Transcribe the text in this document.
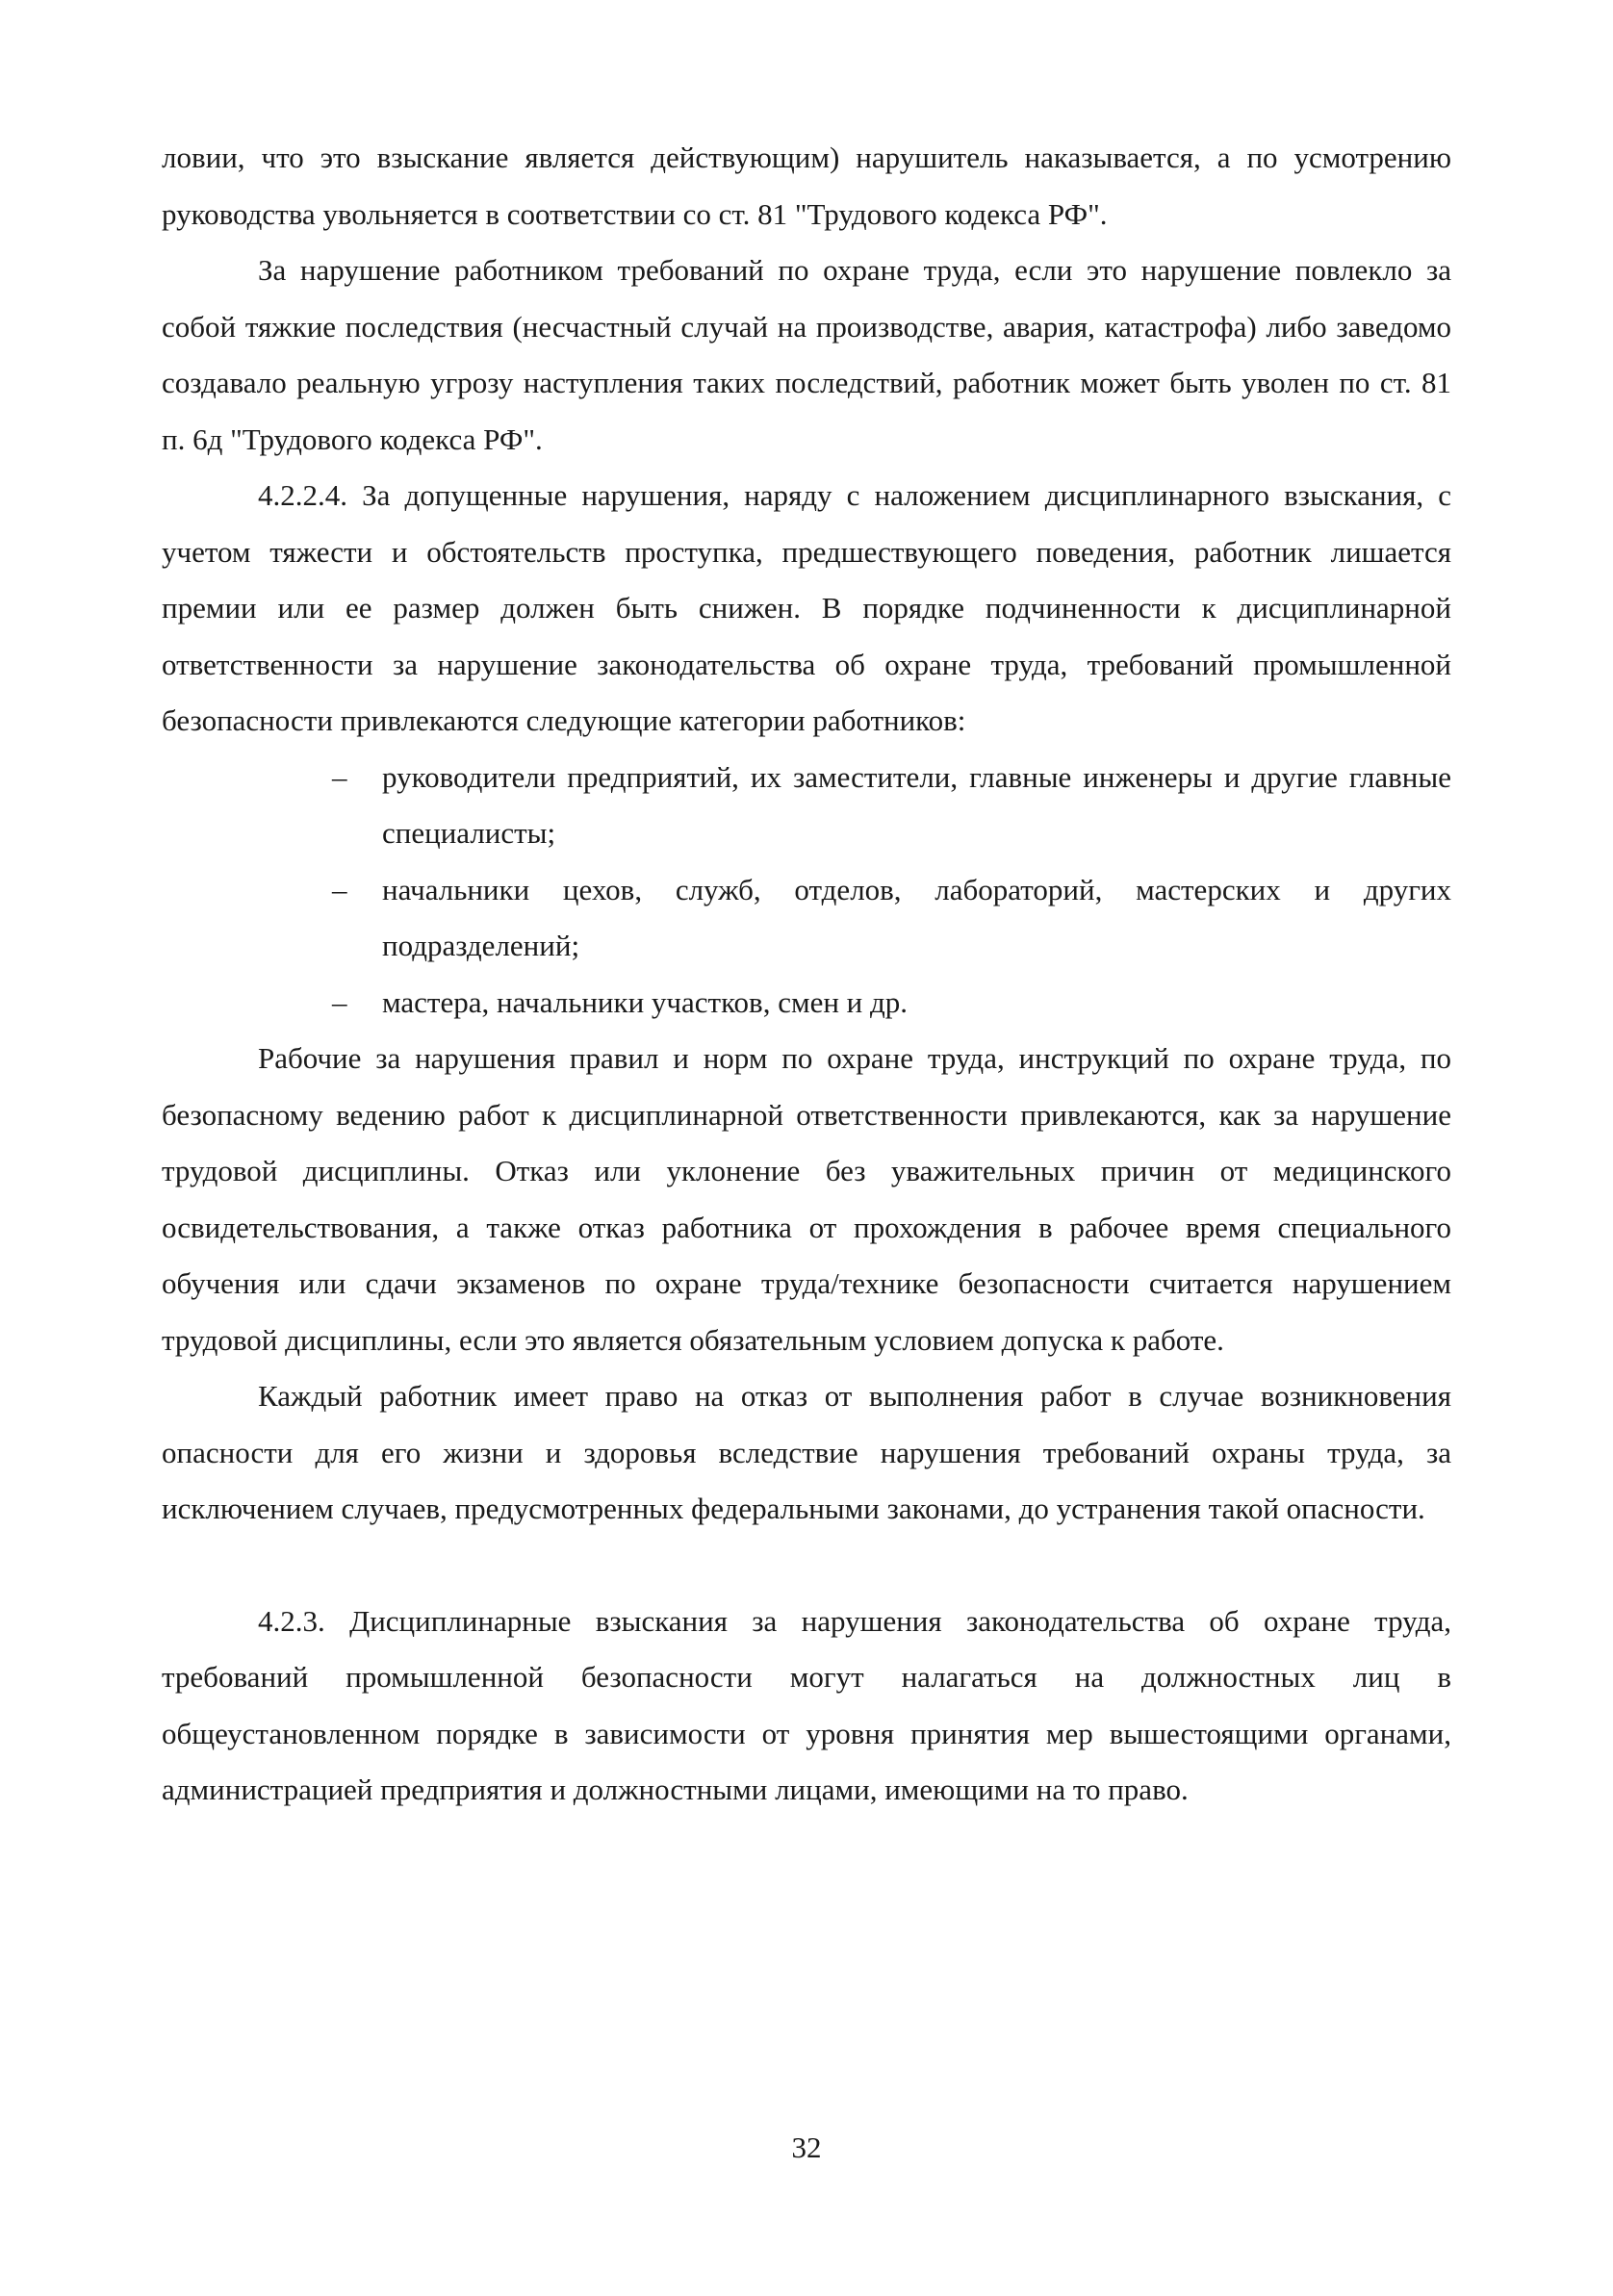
ловии, что это взыскание является действующим) нарушитель наказывается, а по усмотрению руководства увольняется в соответствии со ст. 81 "Трудового кодекса РФ".

За нарушение работником требований по охране труда, если это нарушение повлекло за собой тяжкие последствия (несчастный случай на производстве, авария, катастрофа) либо заведомо создавало реальную угрозу наступления таких последствий, работник может быть уволен по ст. 81 п. 6д "Трудового кодекса РФ".

4.2.2.4. За допущенные нарушения, наряду с наложением дисциплинарного взыскания, с учетом тяжести и обстоятельств проступка, предшествующего поведения, работник лишается премии или ее размер должен быть снижен. В порядке подчиненности к дисциплинарной ответственности за нарушение законодательства об охране труда, требований промышленной безопасности привлекаются следующие категории работников:

– руководители предприятий, их заместители, главные инженеры и другие главные специалисты;
– начальники цехов, служб, отделов, лабораторий, мастерских и других подразделений;
– мастера, начальники участков, смен и др.

Рабочие за нарушения правил и норм по охране труда, инструкций по охране труда, по безопасному ведению работ к дисциплинарной ответственности привлекаются, как за нарушение трудовой дисциплины. Отказ или уклонение без уважительных причин от медицинского освидетельствования, а также отказ работника от прохождения в рабочее время специального обучения или сдачи экзаменов по охране труда/технике безопасности считается нарушением трудовой дисциплины, если это является обязательным условием допуска к работе.

Каждый работник имеет право на отказ от выполнения работ в случае возникновения опасности для его жизни и здоровья вследствие нарушения требований охраны труда, за исключением случаев, предусмотренных федеральными законами, до устранения такой опасности.

4.2.3. Дисциплинарные взыскания за нарушения законодательства об охране труда, требований промышленной безопасности могут налагаться на должностных лиц в общеустановленном порядке в зависимости от уровня принятия мер вышестоящими органами, администрацией предприятия и должностными лицами, имеющими на то право.

32
